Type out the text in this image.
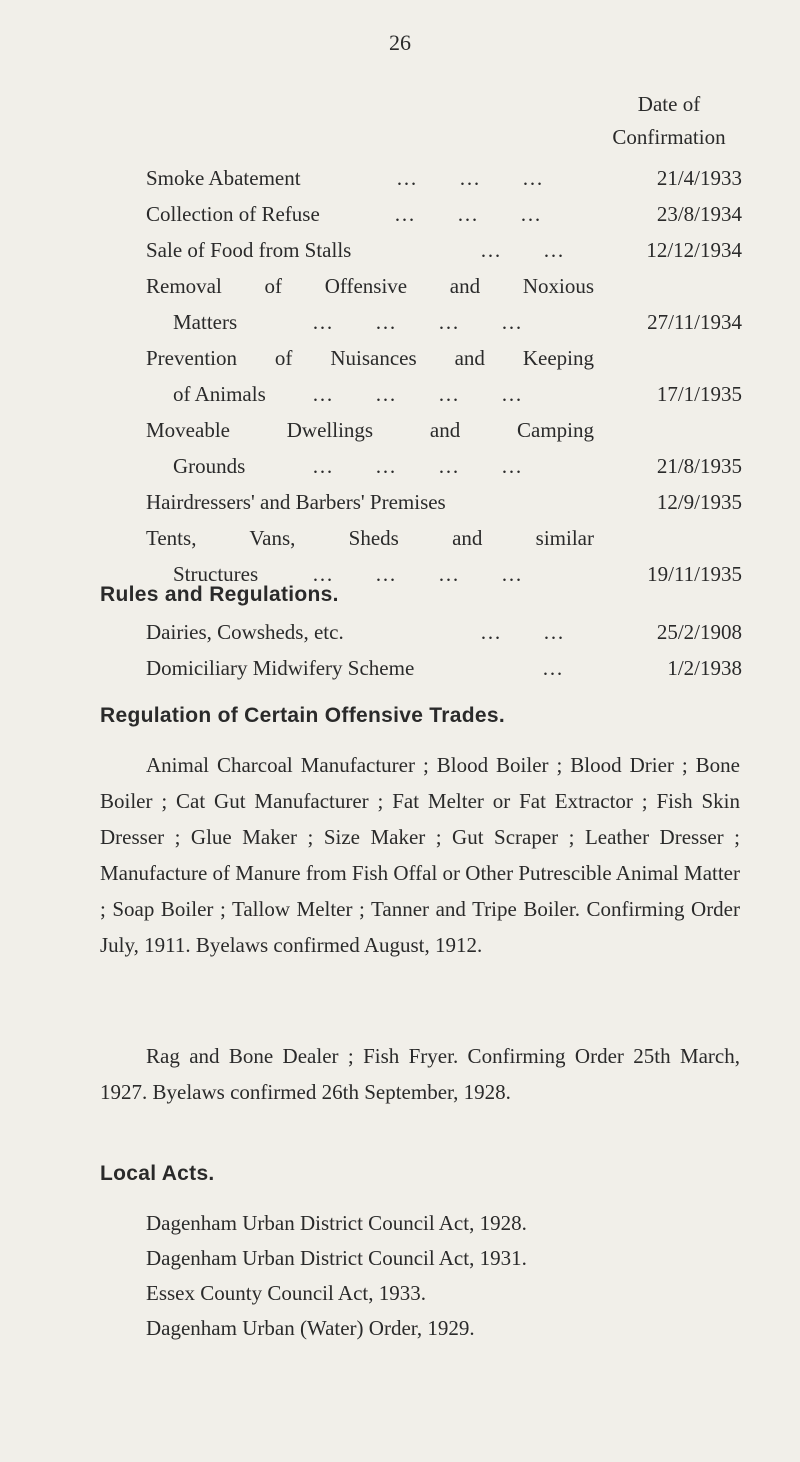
26
Date of
Confirmation
Smoke Abatement	…        …        …	21/4/1933
Collection of Refuse	…        …        …	23/8/1934
Sale of Food from Stalls	…        …	12/12/1934
Removal of Offensive and Noxious
Matters	…        …        …        …	27/11/1934
Prevention of Nuisances and Keeping
of Animals …        …        …        …	17/1/1935
Moveable Dwellings and Camping
Grounds	…        …        …        …	21/8/1935
Hairdressers' and Barbers' Premises	12/9/1935
Tents, Vans, Sheds and similar
Structures	…        …        …        …	19/11/1935
Rules and Regulations.
Dairies, Cowsheds, etc.	…        …	25/2/1908
Domiciliary Midwifery Scheme	…	1/2/1938
Regulation of Certain Offensive Trades.

Animal Charcoal Manufacturer ; Blood Boiler ; Blood Drier ; Bone Boiler ; Cat Gut Manufacturer ; Fat Melter or Fat Extractor ; Fish Skin Dresser ; Glue Maker ; Size Maker ; Gut Scraper ; Leather Dresser ; Manufacture of Manure from Fish Offal or Other Putrescible Animal Matter ; Soap Boiler ; Tallow Melter ; Tanner and Tripe Boiler. Confirming Order July, 1911. Byelaws confirmed August, 1912.

Rag and Bone Dealer ; Fish Fryer. Confirming Order 25th March, 1927. Byelaws confirmed 26th September, 1928.

Local Acts.
Dagenham Urban District Council Act, 1928.
Dagenham Urban District Council Act, 1931.
Essex County Council Act, 1933.
Dagenham Urban (Water) Order, 1929.
